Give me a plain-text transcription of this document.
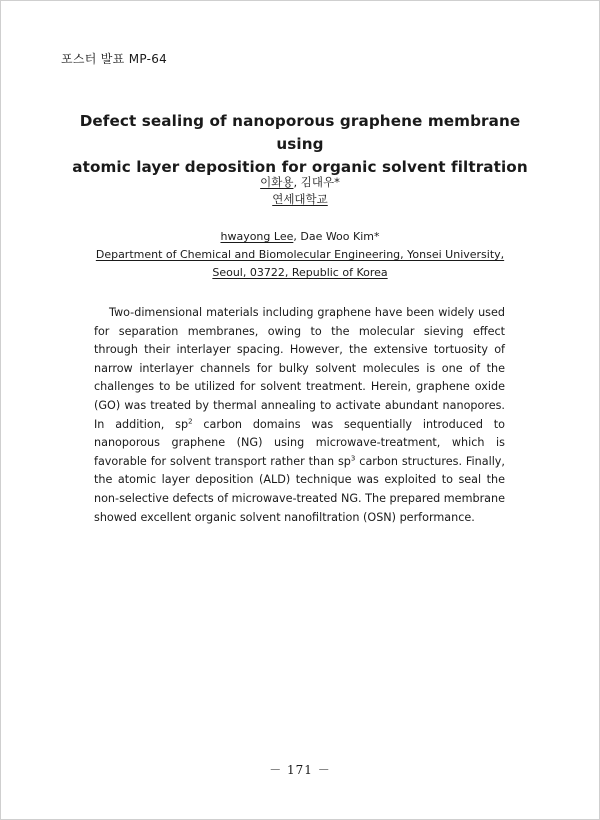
포스터 발표 MP-64
Defect sealing of nanoporous graphene membrane using
atomic layer deposition for organic solvent filtration
이화용, 김대우*
연세대학교
hwayong Lee, Dae Woo Kim*
Department of Chemical and Biomolecular Engineering, Yonsei University,
Seoul, 03722, Republic of Korea
Two-dimensional materials including graphene have been widely used for separation membranes, owing to the molecular sieving effect through their interlayer spacing. However, the extensive tortuosity of narrow interlayer channels for bulky solvent molecules is one of the challenges to be utilized for solvent treatment. Herein, graphene oxide (GO) was treated by thermal annealing to activate abundant nanopores. In addition, $sp^2$ carbon domains was sequentially introduced to nanoporous graphene (NG) using microwave-treatment, which is favorable for solvent transport rather than $sp^3$ carbon structures. Finally, the atomic layer deposition (ALD) technique was exploited to seal the non-selective defects of microwave-treated NG. The prepared membrane showed excellent organic solvent nanofiltration (OSN) performance.
－ 171 －
